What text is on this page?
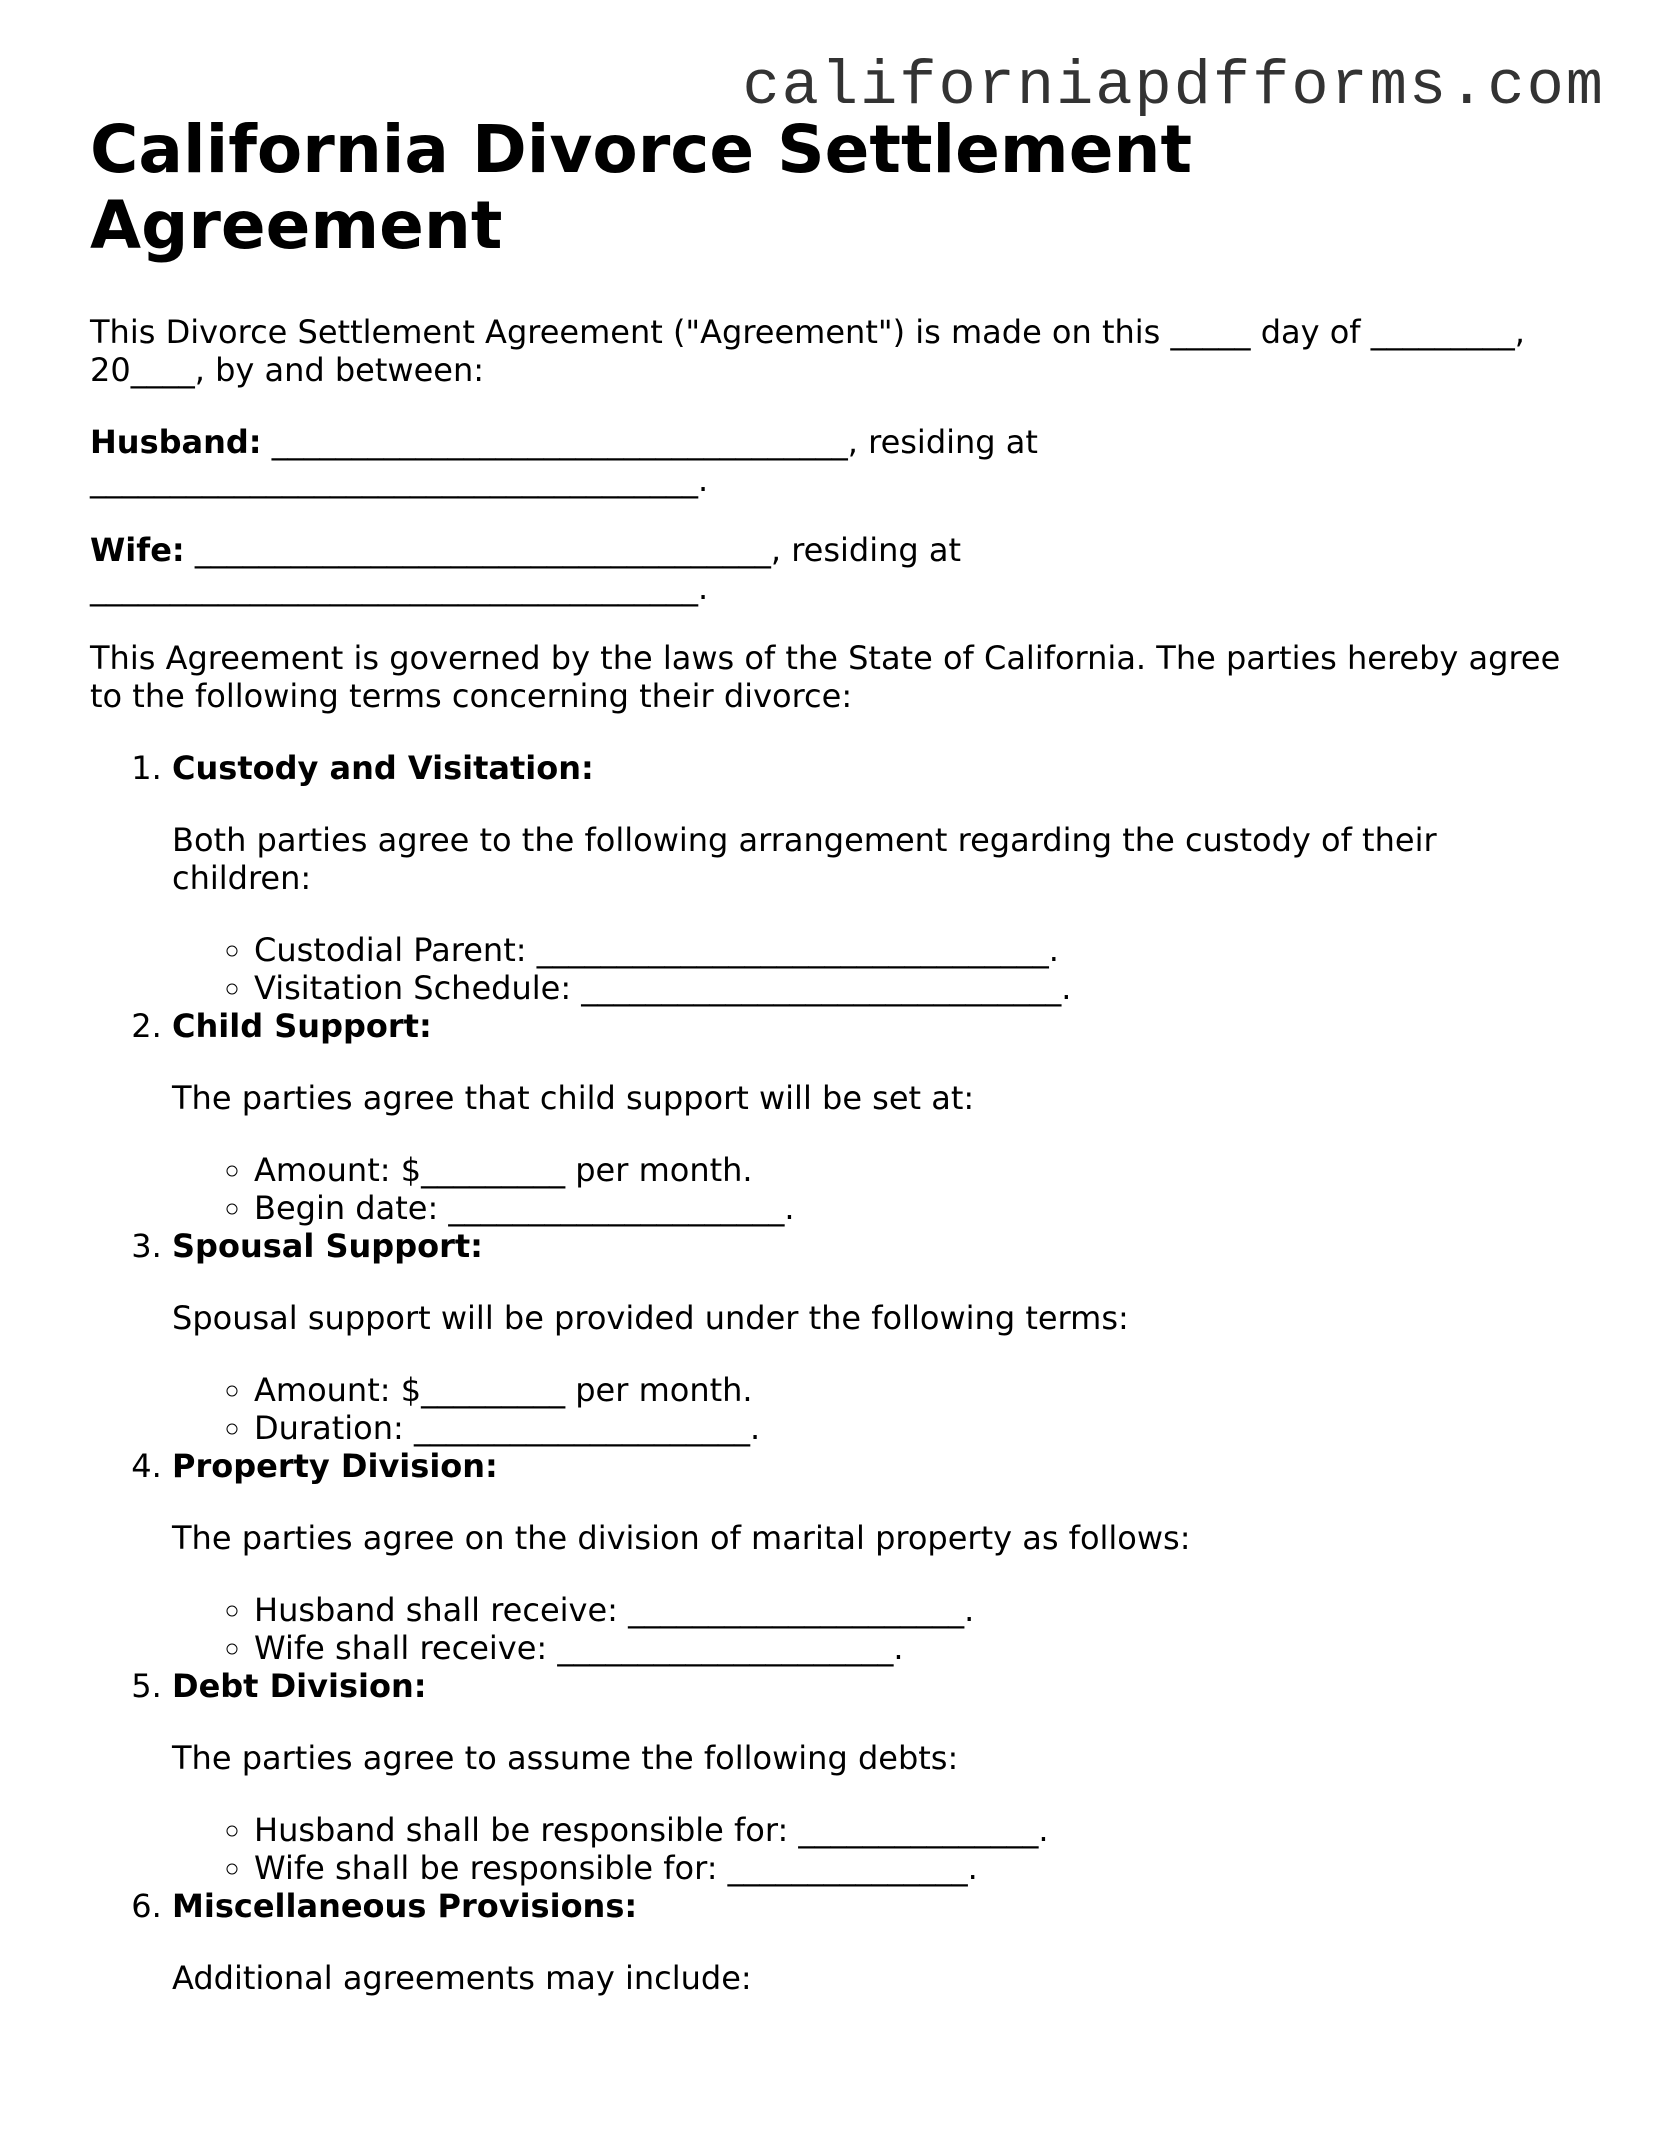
californiapdfforms.com
California Divorce Settlement Agreement

This Divorce Settlement Agreement ("Agreement") is made on this _____ day of _________, 20____, by and between:

Husband: ____________________________________, residing at ______________________________________.

Wife: ____________________________________, residing at ______________________________________.

This Agreement is governed by the laws of the State of California. The parties hereby agree to the following terms concerning their divorce:

1. Custody and Visitation:

Both parties agree to the following arrangement regarding the custody of their children:

◦ Custodial Parent: ________________________________.
◦ Visitation Schedule: ______________________________.
2. Child Support:

The parties agree that child support will be set at:

◦ Amount: $_________ per month.
◦ Begin date: _____________________.
3. Spousal Support:

Spousal support will be provided under the following terms:

◦ Amount: $_________ per month.
◦ Duration: _____________________.
4. Property Division:

The parties agree on the division of marital property as follows:

◦ Husband shall receive: _____________________.
◦ Wife shall receive: _____________________.
5. Debt Division:

The parties agree to assume the following debts:

◦ Husband shall be responsible for: _______________.
◦ Wife shall be responsible for: _______________.
6. Miscellaneous Provisions:

Additional agreements may include:
